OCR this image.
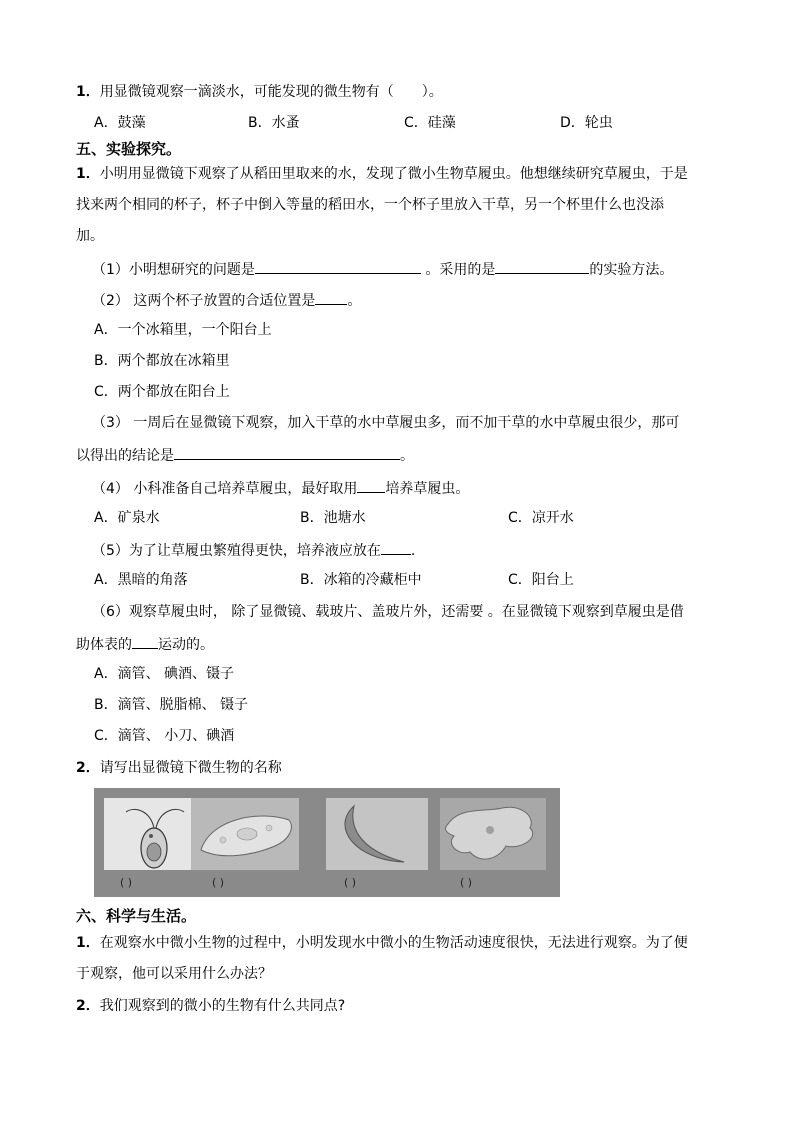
1．用显微镜观察一滴淡水，可能发现的微生物有（　　）。
A．鼓藻	B．水蚤	C．硅藻	D．轮虫
五、实验探究。
1．小明用显微镜下观察了从稻田里取来的水，发现了微小生物草履虫。他想继续研究草履虫，于是
找来两个相同的杯子，杯子中倒入等量的稻田水，一个杯子里放入干草，另一个杯里什么也没添
加。
（1）小明想研究的问题是	。采用的是	的实验方法。
（2） 这两个杯子放置的合适位置是 。
A．一个冰箱里，一个阳台上
B．两个都放在冰箱里
C．两个都放在阳台上
（3） 一周后在显微镜下观察，加入干草的水中草履虫多，而不加干草的水中草履虫很少，那可
以得出的结论是	。
（4） 小科准备自己培养草履虫，最好取用 培养草履虫。
A．矿泉水	B．池塘水	C．凉开水
（5）为了让草履虫繁殖得更快，培养液应放在 .
A．黑暗的角落	B．冰箱的冷藏柜中	C．阳台上
（6）观察草履虫时， 除了显微镜、载玻片、盖玻片外，还需要 。在显微镜下观察到草履虫是借
助体表的 运动的。
A．滴管、 碘酒、镊子
B．滴管、脱脂棉、 镊子
C．滴管、 小刀、碘酒
2．请写出显微镜下微生物的名称
( )	( )	( )	( )
六、科学与生活。
1．在观察水中微小生物的过程中，小明发现水中微小的生物活动速度很快，无法进行观察。为了便
于观察，他可以采用什么办法？
2．我们观察到的微小的生物有什么共同点?
